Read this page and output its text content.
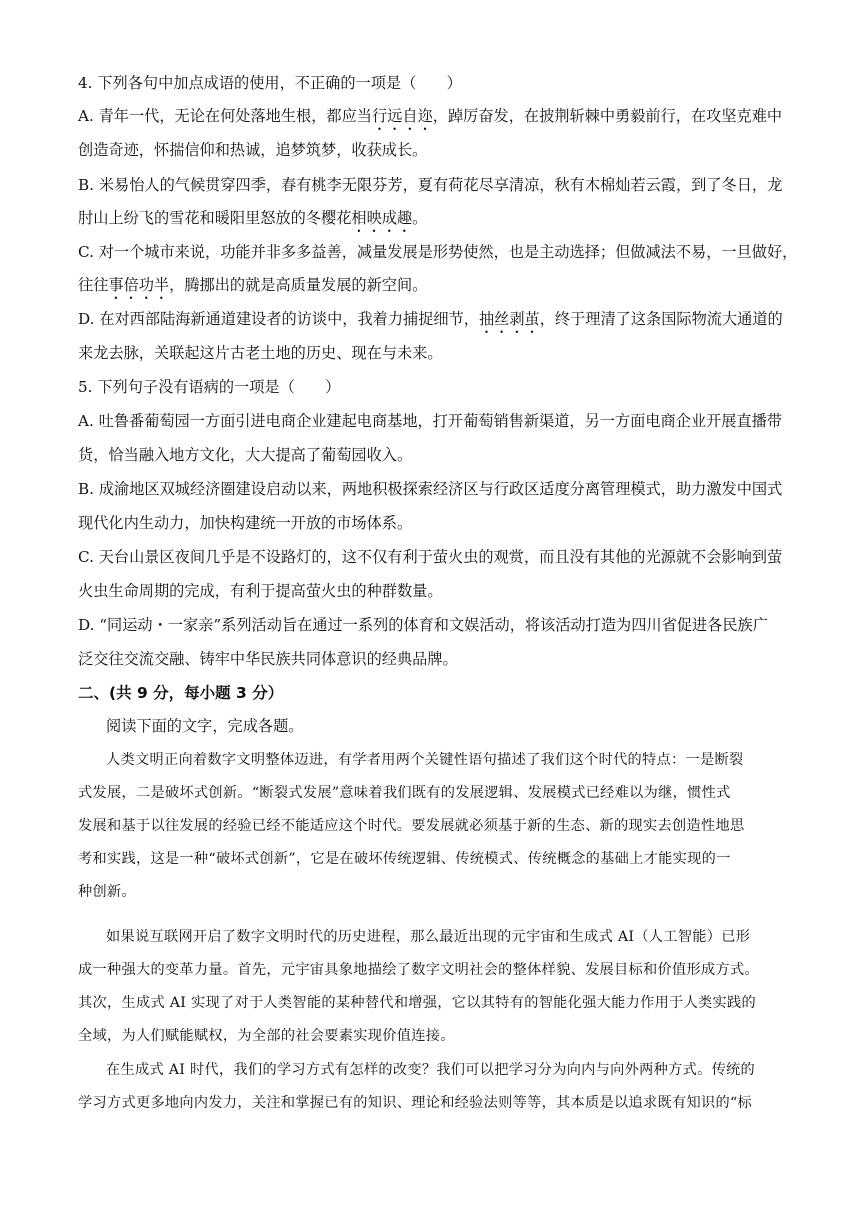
4. 下列各句中加点成语的使用，不正确的一项是（　　）
A. 青年一代，无论在何处落地生根，都应当行远自迩，踔厉奋发，在披荆斩棘中勇毅前行，在攻坚克难中
创造奇迹，怀揣信仰和热诚，追梦筑梦，收获成长。
B. 米易怡人的气候贯穿四季，春有桃李无限芬芳，夏有荷花尽享清凉，秋有木棉灿若云霞，到了冬日，龙
肘山上纷飞的雪花和暖阳里怒放的冬樱花相映成趣。
C. 对一个城市来说，功能并非多多益善，减量发展是形势使然，也是主动选择；但做减法不易，一旦做好，
往往事倍功半，腾挪出的就是高质量发展的新空间。
D. 在对西部陆海新通道建设者的访谈中，我着力捕捉细节，抽丝剥茧，终于理清了这条国际物流大通道的
来龙去脉，关联起这片古老土地的历史、现在与未来。
5. 下列句子没有语病的一项是（　　）
A. 吐鲁番葡萄园一方面引进电商企业建起电商基地，打开葡萄销售新渠道，另一方面电商企业开展直播带
货，恰当融入地方文化，大大提高了葡萄园收入。
B. 成渝地区双城经济圈建设启动以来，两地积极探索经济区与行政区适度分离管理模式，助力激发中国式
现代化内生动力，加快构建统一开放的市场体系。
C. 天台山景区夜间几乎是不设路灯的，这不仅有利于萤火虫的观赏，而且没有其他的光源就不会影响到萤
火虫生命周期的完成，有利于提高萤火虫的种群数量。
D. “同运动・一家亲”系列活动旨在通过一系列的体育和文娱活动，将该活动打造为四川省促进各民族广
泛交往交流交融、铸牢中华民族共同体意识的经典品牌。
二、(共 9 分，每小题 3 分）
阅读下面的文字，完成各题。
人类文明正向着数字文明整体迈进，有学者用两个关键性语句描述了我们这个时代的特点：一是断裂
式发展，二是破坏式创新。“断裂式发展”意味着我们既有的发展逻辑、发展模式已经难以为继，惯性式
发展和基于以往发展的经验已经不能适应这个时代。要发展就必须基于新的生态、新的现实去创造性地思
考和实践，这是一种“破坏式创新”，它是在破坏传统逻辑、传统模式、传统概念的基础上才能实现的一
种创新。
如果说互联网开启了数字文明时代的历史进程，那么最近出现的元宇宙和生成式 AI（人工智能）已形
成一种强大的变革力量。首先，元宇宙具象地描绘了数字文明社会的整体样貌、发展目标和价值形成方式。
其次，生成式 AI 实现了对于人类智能的某种替代和增强，它以其特有的智能化强大能力作用于人类实践的
全域，为人们赋能赋权，为全部的社会要素实现价值连接。
在生成式 AI 时代，我们的学习方式有怎样的改变？我们可以把学习分为向内与向外两种方式。传统的
学习方式更多地向内发力，关注和掌握已有的知识、理论和经验法则等等，其本质是以追求既有知识的“标
